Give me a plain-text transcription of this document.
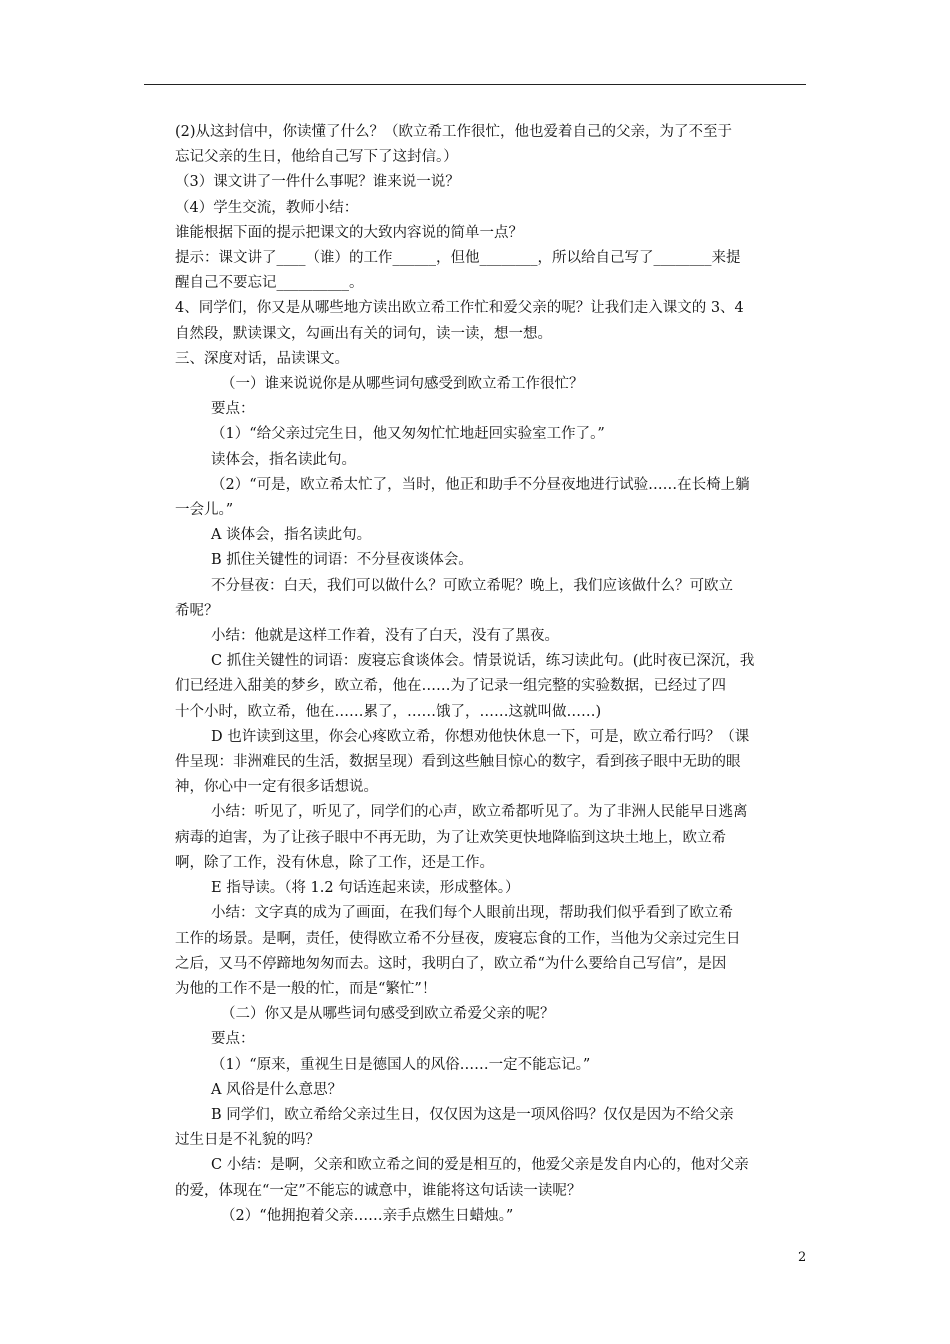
(2)从这封信中，你读懂了什么？（欧立希工作很忙，他也爱着自己的父亲，为了不至于
忘记父亲的生日，他给自己写下了这封信。）
（3）课文讲了一件什么事呢？谁来说一说？
（4）学生交流，教师小结：
谁能根据下面的提示把课文的大致内容说的简单一点？
提示：课文讲了____（谁）的工作______，但他________，所以给自己写了________来提
醒自己不要忘记__________。
4、同学们，你又是从哪些地方读出欧立希工作忙和爱父亲的呢？让我们走入课文的 3、4
自然段，默读课文，勾画出有关的词句，读一读，想一想。
三、深度对话，品读课文。
（一）谁来说说你是从哪些词句感受到欧立希工作很忙？
要点：
（1）“给父亲过完生日，他又匆匆忙忙地赶回实验室工作了。”
读体会，指名读此句。
（2）“可是，欧立希太忙了，当时，他正和助手不分昼夜地进行试验……在长椅上躺
一会儿。”
A 谈体会，指名读此句。
B 抓住关键性的词语：不分昼夜谈体会。
不分昼夜：白天，我们可以做什么？可欧立希呢？晚上，我们应该做什么？可欧立
希呢？
小结：他就是这样工作着，没有了白天，没有了黑夜。
C 抓住关键性的词语：废寝忘食谈体会。情景说话，练习读此句。(此时夜已深沉，我
们已经进入甜美的梦乡，欧立希，他在……为了记录一组完整的实验数据，已经过了四
十个小时，欧立希，他在……累了，……饿了，……这就叫做……)
D 也许读到这里，你会心疼欧立希，你想劝他快休息一下，可是，欧立希行吗？（课
件呈现：非洲难民的生活，数据呈现）看到这些触目惊心的数字，看到孩子眼中无助的眼
神，你心中一定有很多话想说。
小结：听见了，听见了，同学们的心声，欧立希都听见了。为了非洲人民能早日逃离
病毒的迫害，为了让孩子眼中不再无助，为了让欢笑更快地降临到这块土地上，欧立希
啊，除了工作，没有休息，除了工作，还是工作。
E 指导读。（将 1.2 句话连起来读，形成整体。）
小结：文字真的成为了画面，在我们每个人眼前出现，帮助我们似乎看到了欧立希
工作的场景。是啊，责任，使得欧立希不分昼夜，废寝忘食的工作，当他为父亲过完生日
之后，又马不停蹄地匆匆而去。这时，我明白了，欧立希“为什么要给自己写信”，是因
为他的工作不是一般的忙，而是“繁忙”！
（二）你又是从哪些词句感受到欧立希爱父亲的呢？
要点：
（1）“原来，重视生日是德国人的风俗……一定不能忘记。”
A 风俗是什么意思？
B 同学们，欧立希给父亲过生日，仅仅因为这是一项风俗吗？仅仅是因为不给父亲
过生日是不礼貌的吗？
C 小结：是啊，父亲和欧立希之间的爱是相互的，他爱父亲是发自内心的，他对父亲
的爱，体现在“一定”不能忘的诚意中，谁能将这句话读一读呢？
（2）“他拥抱着父亲……亲手点燃生日蜡烛。”
2
